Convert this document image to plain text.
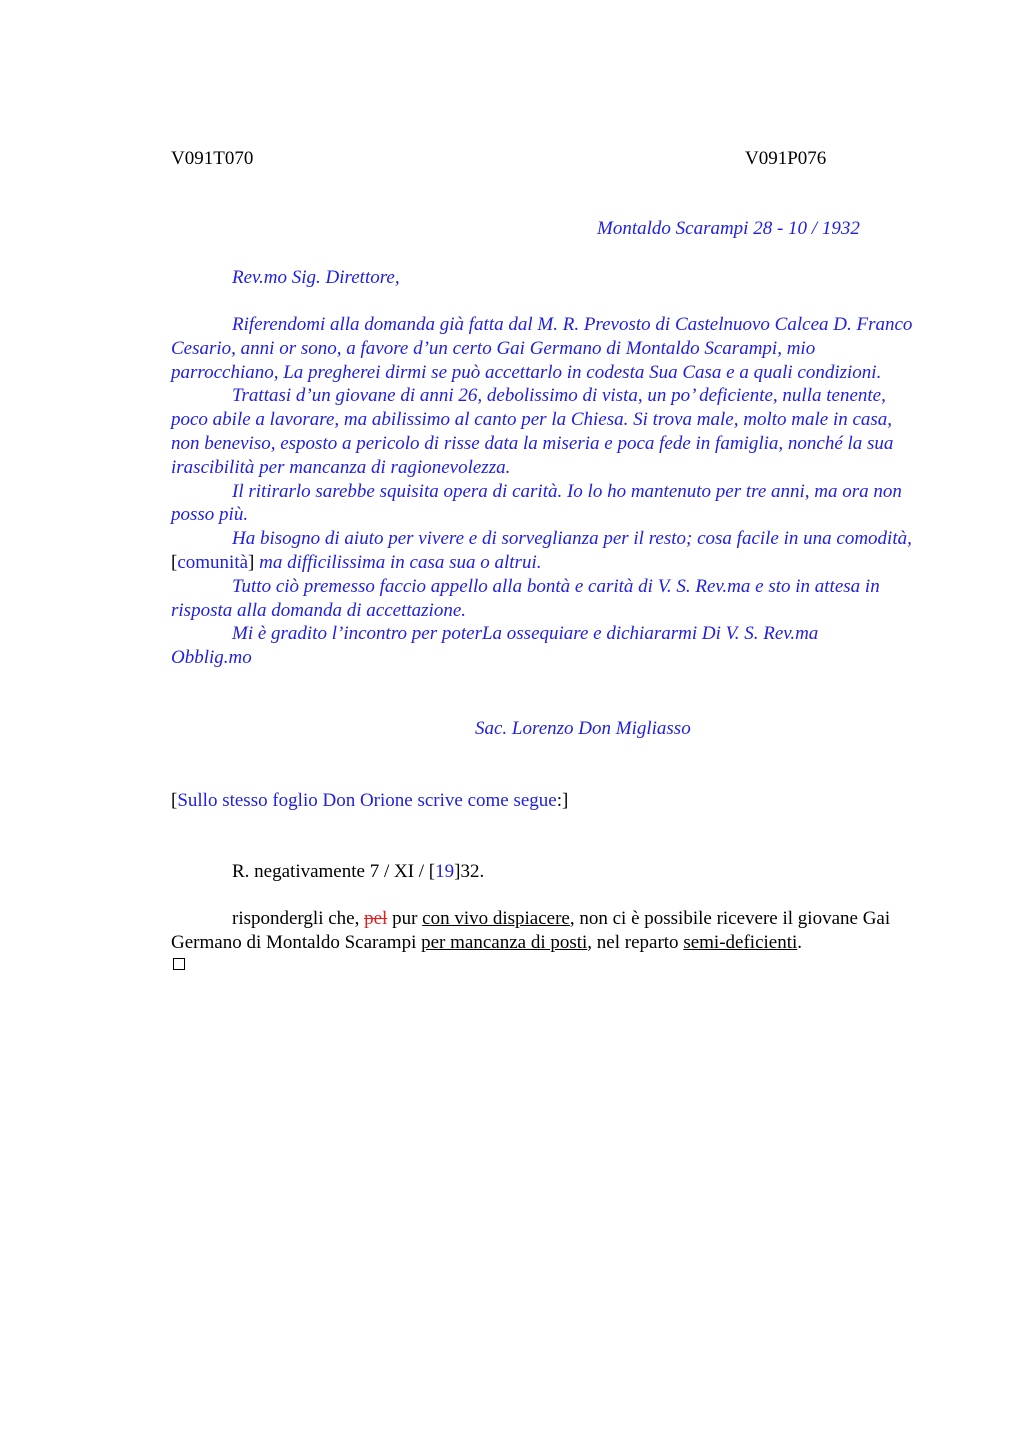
V091T070	V091P076
Montaldo Scarampi 28 - 10 / 1932
Rev.mo Sig. Direttore,

Riferendomi alla domanda già fatta dal M. R. Prevosto di Castelnuovo Calcea D. Franco Cesario, anni or sono, a favore d’un certo Gai Germano di Montaldo Scarampi, mio parrocchiano, La pregherei dirmi se può accettarlo in codesta Sua Casa e a quali condizioni.

Trattasi d’un giovane di anni 26, debolissimo di vista, un po’ deficiente, nulla tenente, poco abile a lavorare, ma abilissimo al canto per la Chiesa. Si trova male, molto male in casa, non beneviso, esposto a pericolo di risse data la miseria e poca fede in famiglia, nonché la sua irascibilità per mancanza di ragionevolezza.

Il ritirarlo sarebbe squisita opera di carità. Io lo ho mantenuto per tre anni, ma ora non posso più.

Ha bisogno di aiuto per vivere e di sorveglianza per il resto; cosa facile in una comodità, [comunità] ma difficilissima in casa sua o altrui.

Tutto ciò premesso faccio appello alla bontà e carità di V. S. Rev.ma e sto in attesa in risposta alla domanda di accettazione.

Mi è gradito l’incontro per poterLa ossequiare e dichiararmi Di V. S. Rev.ma

Obblig.mo

Sac. Lorenzo Don Migliasso
[Sullo stesso foglio Don Orione scrive come segue:]
R. negativamente 7 / XI / [19]32.

rispondergli che, pel pur con vivo dispiacere, non ci è possibile ricevere il giovane Gai Germano di Montaldo Scarampi per mancanza di posti, nel reparto semi-deficienti.
